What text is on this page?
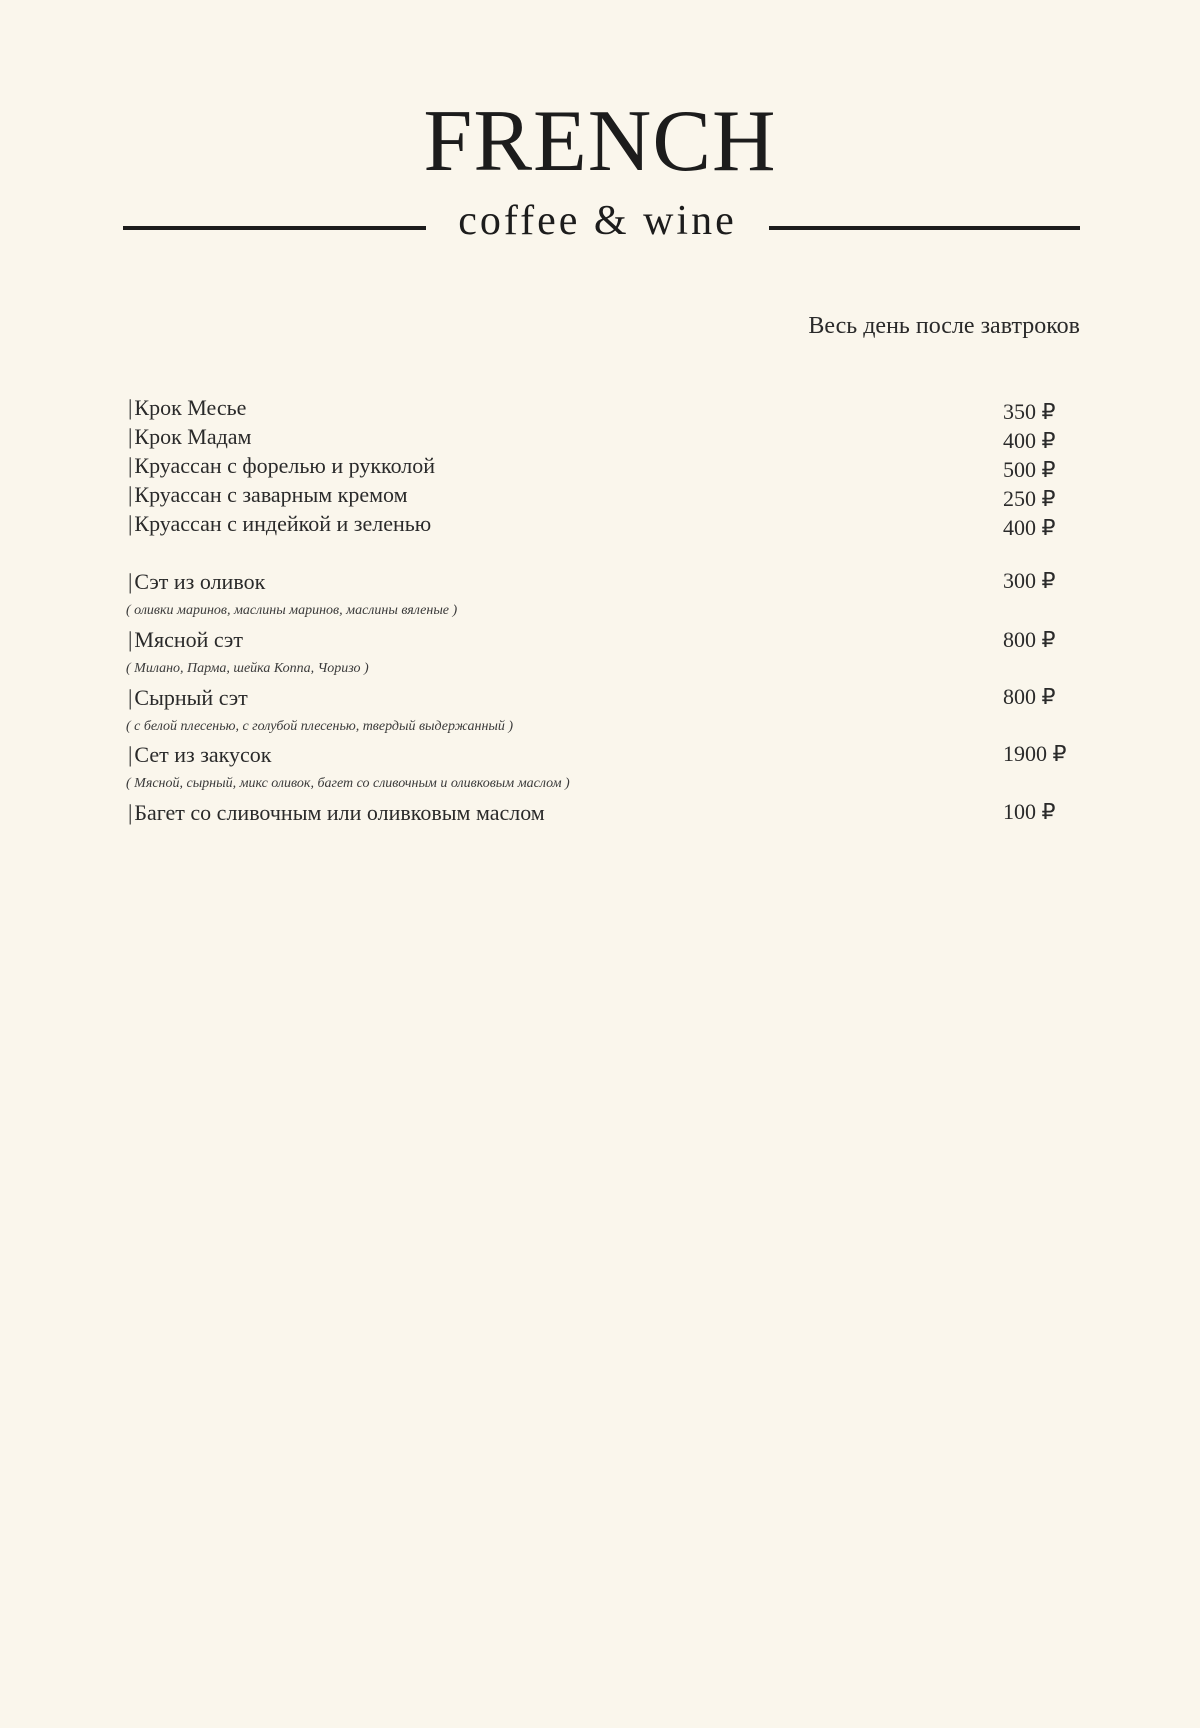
FRENCH
coffee & wine
Весь день после завтроков
|Крок Месье	350 ₽
|Крок Мадам	400 ₽
|Круассан с форелью и рукколой	500 ₽
|Круассан с заварным кремом	250 ₽
|Круассан с индейкой и зеленью	400 ₽
|Сэт из оливок	300 ₽
( оливки маринов, маслины маринов, маслины вяленые )
|Мясной сэт	800 ₽
( Милано, Парма, шейка Коппа, Чоризо )
|Сырный сэт	800 ₽
( с белой плесенью, с голубой плесенью, твердый выдержанный )
|Сет из закусок	1900 ₽
( Мясной, сырный, микс оливок, багет со сливочным и оливковым маслом )
|Багет со сливочным или оливковым маслом	100 ₽
